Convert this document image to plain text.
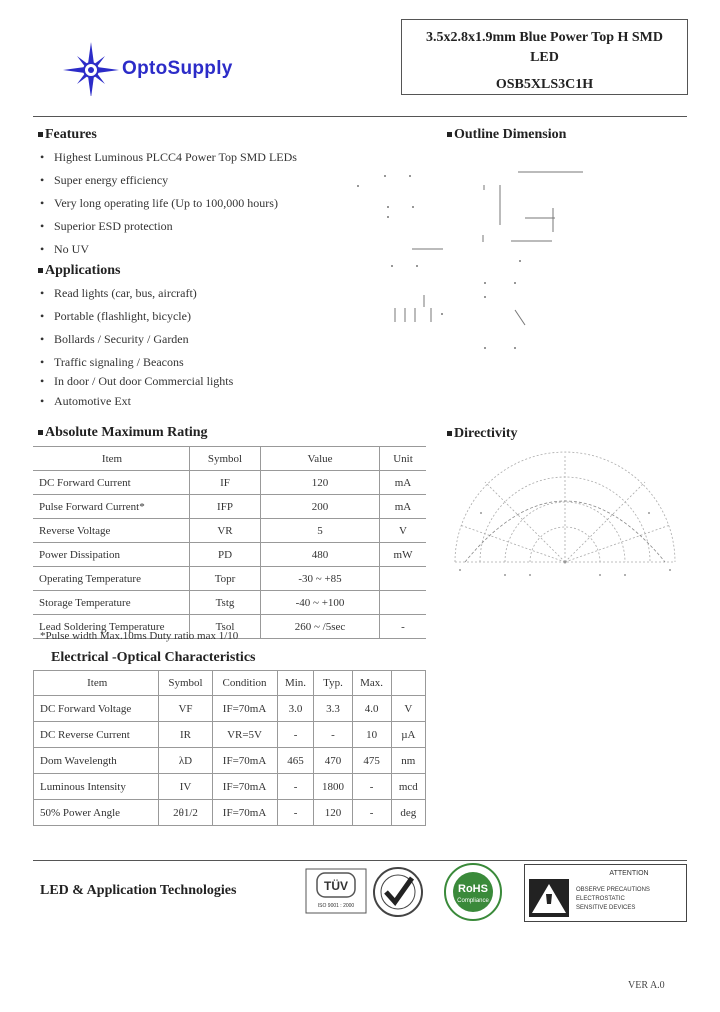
OptoSupply
3.5x2.8x1.9mm Blue Power Top H SMD
LED
OSB5XLS3C1H
Features
• Highest Luminous PLCC4 Power Top SMD LEDs
• Super energy efficiency
• Very long operating life (Up to 100,000 hours)
• Superior ESD protection
• No UV
Applications
• Read lights (car, bus, aircraft)
• Portable (flashlight, bicycle)
• Bollards / Security / Garden
• Traffic signaling / Beacons
• In door / Out door Commercial lights
• Automotive Ext
Outline Dimension
Directivity
Absolute Maximum Rating
Item	Symbol	Value	Unit
DC Forward Current	IF	120	mA
Pulse Forward Current*	IFP	200	mA
Reverse Voltage	VR	5	V
Power Dissipation	PD	480	mW
Operating Temperature	Topr	-30 ~ +85	
Storage Temperature	Tstg	-40 ~ +100	
Lead Soldering Temperature	Tsol	260 ~ /5sec	-
*Pulse width Max.10ms Duty ratio max 1/10
Electrical -Optical Characteristics
Item	Symbol	Condition	Min.	Typ.	Max.	
DC Forward Voltage	VF	IF=70mA	3.0	3.3	4.0	V
DC Reverse Current	IR	VR=5V	-	-	10	µA
Dom Wavelength	λD	IF=70mA	465	470	475	nm
Luminous Intensity	IV	IF=70mA	-	1800	-	mcd
50% Power Angle	2θ1/2	IF=70mA	-	120	-	deg
LED & Application Technologies	TÜV
ISO 9001 : 2000
RoHS
Compliance
ATTENTION
OBSERVE PRECAUTIONS
ELECTROSTATIC
SENSITIVE DEVICES
VER A.0
